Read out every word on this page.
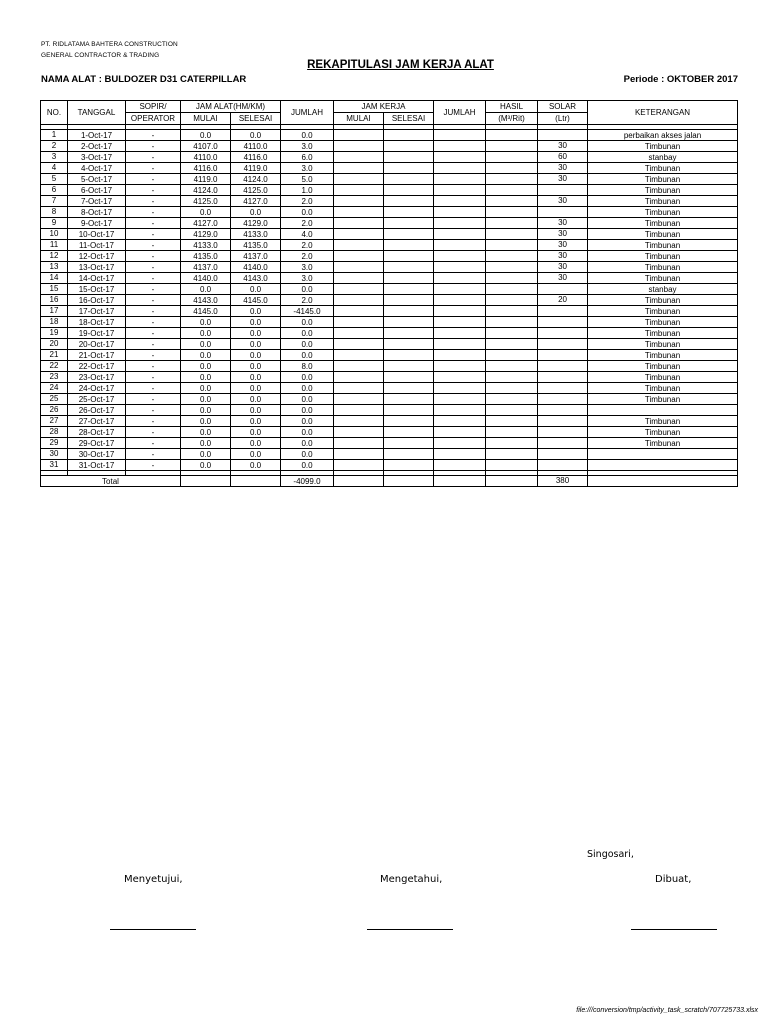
PT. RIDLATAMA BAHTERA CONSTRUCTION
GENERAL CONTRACTOR & TRADING
REKAPITULASI JAM KERJA ALAT
NAMA ALAT : BULDOZER D31 CATERPILLAR	Periode : OKTOBER 2017
NO.	TANGGAL	SOPIR/	JAM ALAT(HM/KM)		JUMLAH	JAM KERJA		JUMLAH	HASIL	SOLAR	KETERANGAN
		OPERATOR	MULAI	SELESAI		MULAI	SELESAI		(M³/Rit)	(Ltr)	

1	1-Oct-17	-	0.0	0.0	0.0						perbaikan akses jalan
2	2-Oct-17	-	4107.0	4110.0	3.0					30	Timbunan
3	3-Oct-17	-	4110.0	4116.0	6.0					60	stanbay
4	4-Oct-17	-	4116.0	4119.0	3.0					30	Timbunan
5	5-Oct-17	-	4119.0	4124.0	5.0					30	Timbunan
6	6-Oct-17	-	4124.0	4125.0	1.0						Timbunan
7	7-Oct-17	-	4125.0	4127.0	2.0					30	Timbunan
8	8-Oct-17	-	0.0	0.0	0.0						Timbunan
9	9-Oct-17	-	4127.0	4129.0	2.0					30	Timbunan
10	10-Oct-17	-	4129.0	4133.0	4.0					30	Timbunan
11	11-Oct-17	-	4133.0	4135.0	2.0					30	Timbunan
12	12-Oct-17	-	4135.0	4137.0	2.0					30	Timbunan
13	13-Oct-17	-	4137.0	4140.0	3.0					30	Timbunan
14	14-Oct-17	-	4140.0	4143.0	3.0					30	Timbunan
15	15-Oct-17	-	0.0	0.0	0.0						stanbay
16	16-Oct-17	-	4143.0	4145.0	2.0					20	Timbunan
17	17-Oct-17	-	4145.0	0.0	-4145.0						Timbunan
18	18-Oct-17	-	0.0	0.0	0.0						Timbunan
19	19-Oct-17	-	0.0	0.0	0.0						Timbunan
20	20-Oct-17	-	0.0	0.0	0.0						Timbunan
21	21-Oct-17	-	0.0	0.0	0.0						Timbunan
22	22-Oct-17	-	0.0	0.0	8.0						Timbunan
23	23-Oct-17	-	0.0	0.0	0.0						Timbunan
24	24-Oct-17	-	0.0	0.0	0.0						Timbunan
25	25-Oct-17	-	0.0	0.0	0.0						Timbunan
26	26-Oct-17	-	0.0	0.0	0.0						
27	27-Oct-17	-	0.0	0.0	0.0						Timbunan
28	28-Oct-17	-	0.0	0.0	0.0						Timbunan
29	29-Oct-17	-	0.0	0.0	0.0						Timbunan
30	30-Oct-17	-	0.0	0.0	0.0						
31	31-Oct-17	-	0.0	0.0	0.0						

Total					-4099.0					380	
Singosari,
Menyetujui,	Mengetahui,	Dibuat,
file:///conversion/tmp/activity_task_scratch/707725733.xlsx
